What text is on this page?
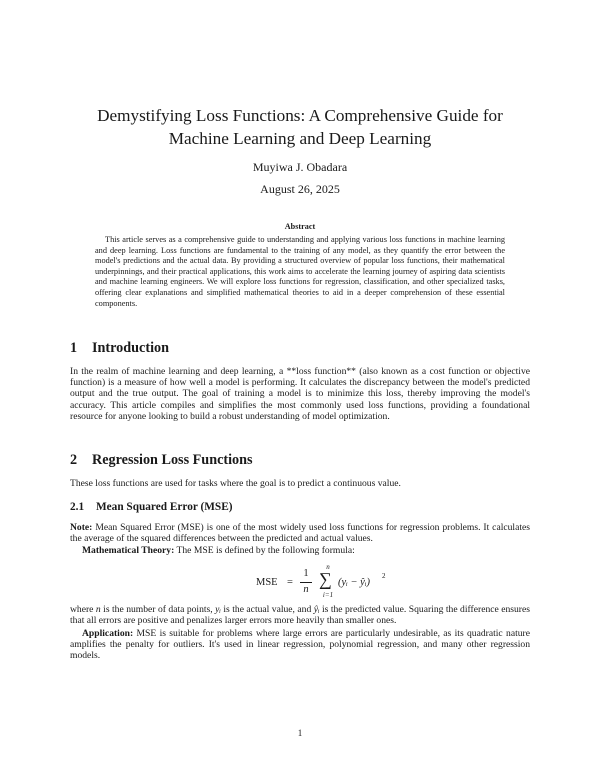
Demystifying Loss Functions: A Comprehensive Guide for Machine Learning and Deep Learning
Muyiwa J. Obadara
August 26, 2025
Abstract
This article serves as a comprehensive guide to understanding and applying various loss functions in machine learning and deep learning. Loss functions are fundamental to the training of any model, as they quantify the error between the model's predictions and the actual data. By providing a structured overview of popular loss functions, their mathematical underpinnings, and their practical applications, this work aims to accelerate the learning journey of aspiring data scientists and machine learning engineers. We will explore loss functions for regression, classification, and other specialized tasks, offering clear explanations and simplified mathematical theories to aid in a deeper comprehension of these essential components.
1 Introduction
In the realm of machine learning and deep learning, a **loss function** (also known as a cost function or objective function) is a measure of how well a model is performing. It calculates the discrepancy between the model's predicted output and the true output. The goal of training a model is to minimize this loss, thereby improving the model's accuracy. This article compiles and simplifies the most commonly used loss functions, providing a foundational resource for anyone looking to build a robust understanding of model optimization.
2 Regression Loss Functions
These loss functions are used for tasks where the goal is to predict a continuous value.
2.1 Mean Squared Error (MSE)
Note: Mean Squared Error (MSE) is one of the most widely used loss functions for regression problems. It calculates the average of the squared differences between the predicted and actual values.
Mathematical Theory: The MSE is defined by the following formula:
MSE =
1
n
n
∑
i=1
(yᵢ − ŷᵢ)
2
where n is the number of data points, yᵢ is the actual value, and ŷᵢ is the predicted value. Squaring the difference ensures that all errors are positive and penalizes larger errors more heavily than smaller ones.
Application: MSE is suitable for problems where large errors are particularly undesirable, as its quadratic nature amplifies the penalty for outliers. It's used in linear regression, polynomial regression, and many other regression models.
1
